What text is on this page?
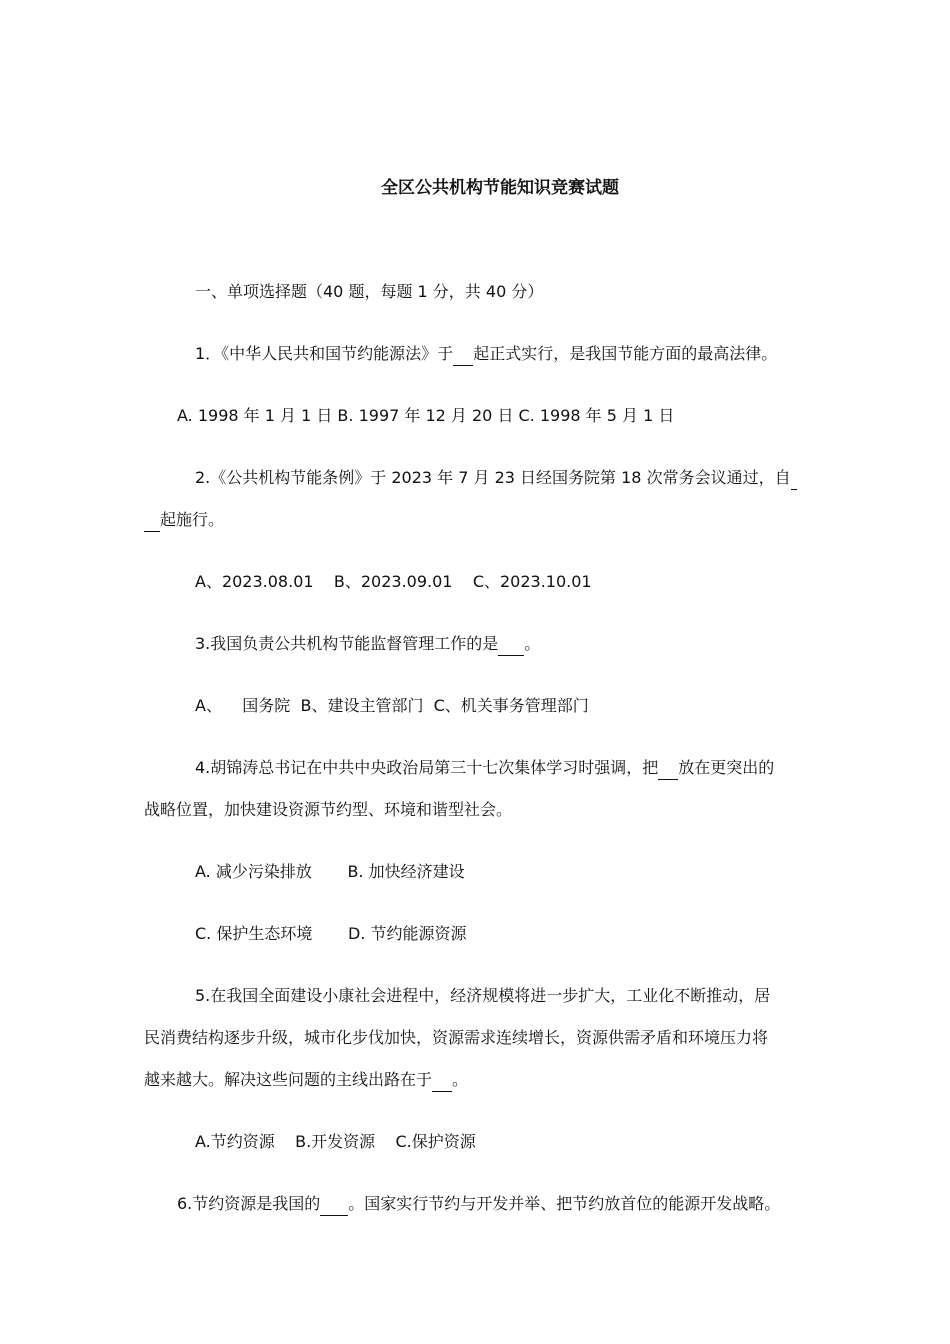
全区公共机构节能知识竞赛试题
一、单项选择题（40 题，每题 1 分，共 40 分）
1．《中华人民共和国节约能源法》于 起正式实行，是我国节能方面的最高法律。
A. 1998 年 1 月 1 日 B. 1997 年 12 月 20 日 C. 1998 年 5 月 1 日
2.《公共机构节能条例》于 2023 年 7 月 23 日经国务院第 18 次常务会议通过，自
起施行。
A、2023.08.01    B、2023.09.01    C、2023.10.01
3.我国负责公共机构节能监督管理工作的是 。
A、    国务院  B、建设主管部门  C、机关事务管理部门
4.胡锦涛总书记在中共中央政治局第三十七次集体学习时强调，把 放在更突出的
战略位置，加快建设资源节约型、环境和谐型社会。
A. 减少污染排放       B. 加快经济建设
C. 保护生态环境       D. 节约能源资源
5.在我国全面建设小康社会进程中，经济规模将进一步扩大，工业化不断推动，居
民消费结构逐步升级，城市化步伐加快，资源需求连续增长，资源供需矛盾和环境压力将
越来越大。解决这些问题的主线出路在于 。
A.节约资源    B.开发资源    C.保护资源
6.节约资源是我国的 。国家实行节约与开发并举、把节约放首位的能源开发战略。
